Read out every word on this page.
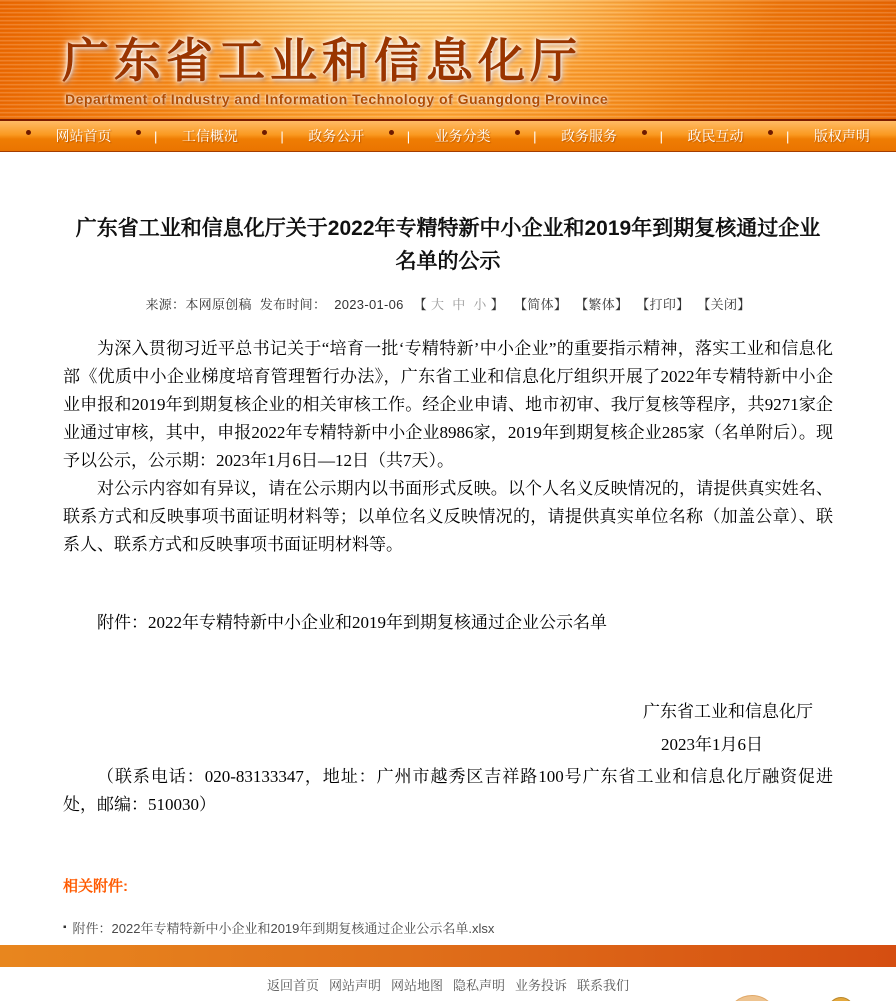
广东省工业和信息化厅
Department of Industry and Information Technology of Guangdong Province
网站首页	| 工信概况	| 政务公开	| 业务分类	| 政务服务	| 政民互动	| 版权声明
广东省工业和信息化厅关于2022年专精特新中小企业和2019年到期复核通过企业名单的公示
来源：本网原创稿 发布时间： 2023-01-06 【 大 中 小 】 【简体】 【繁体】 【打印】 【关闭】

为深入贯彻习近平总书记关于“培育一批‘专精特新’中小企业”的重要指示精神，落实工业和信息化部《优质中小企业梯度培育管理暂行办法》，广东省工业和信息化厅组织开展了2022年专精特新中小企业申报和2019年到期复核企业的相关审核工作。经企业申请、地市初审、我厅复核等程序，共9271家企业通过审核，其中，申报2022年专精特新中小企业8986家，2019年到期复核企业285家（名单附后）。现予以公示，公示期：2023年1月6日—12日（共7天）。

对公示内容如有异议，请在公示期内以书面形式反映。以个人名义反映情况的，请提供真实姓名、联系方式和反映事项书面证明材料等；以单位名义反映情况的，请提供真实单位名称（加盖公章）、联系人、联系方式和反映事项书面证明材料等。

附件：2022年专精特新中小企业和2019年到期复核通过企业公示名单

广东省工业和信息化厅

2023年1月6日

（联系电话：020-83133347，地址：广州市越秀区吉祥路100号广东省工业和信息化厅融资促进处，邮编：510030）

相关附件:
▪ 附件：2022年专精特新中小企业和2019年到期复核通过企业公示名单.xlsx
返回首页 网站声明 网站地图 隐私声明 业务投诉 联系我们
